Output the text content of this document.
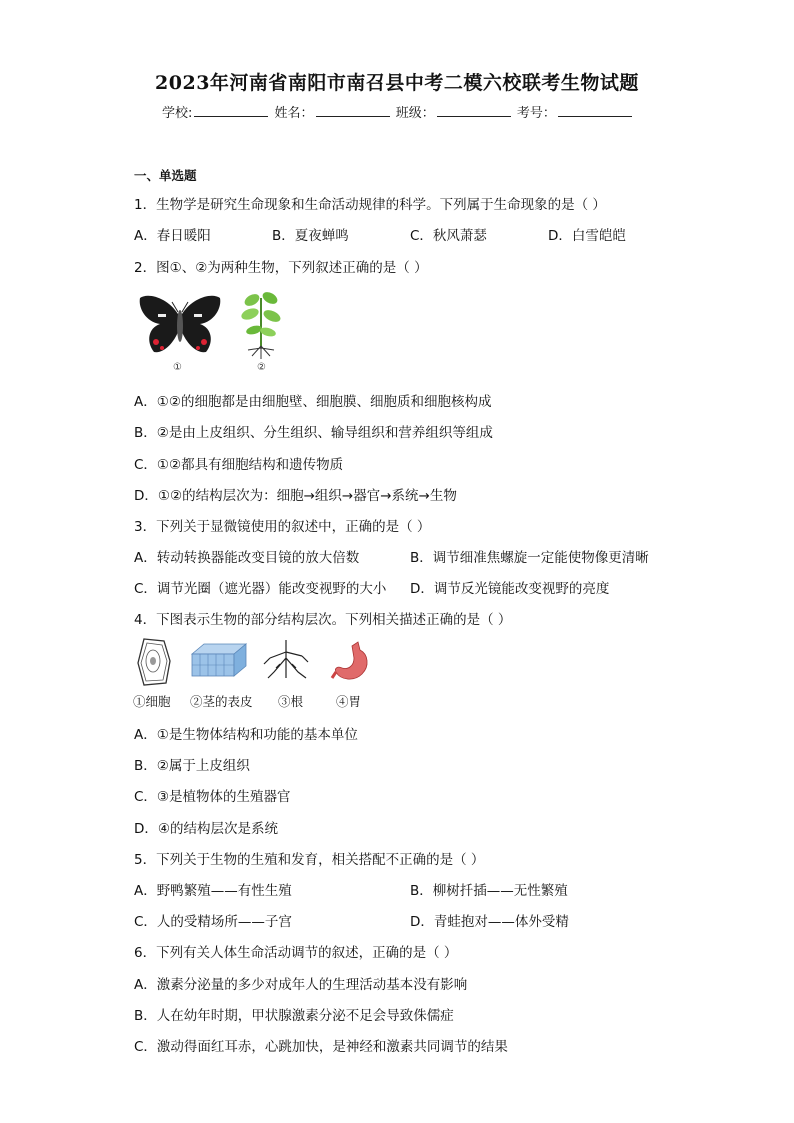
2023年河南省南阳市南召县中考二模六校联考生物试题
学校:	姓名：	班级：	考号：
一、单选题
1．生物学是研究生命现象和生命活动规律的科学。下列属于生命现象的是（ ）
A．春日暖阳	B．夏夜蝉鸣	C．秋风萧瑟	D．白雪皑皑
2．图①、②为两种生物，下列叙述正确的是（ ）
①	②
A．①②的细胞都是由细胞壁、细胞膜、细胞质和细胞核构成
B．②是由上皮组织、分生组织、输导组织和营养组织等组成
C．①②都具有细胞结构和遗传物质
D．①②的结构层次为：细胞→组织→器官→系统→生物
3．下列关于显微镜使用的叙述中，正确的是（ ）
A．转动转换器能改变目镜的放大倍数	B．调节细准焦螺旋一定能使物像更清晰
C．调节光圈（遮光器）能改变视野的大小 D．调节反光镜能改变视野的亮度
4．下图表示生物的部分结构层次。下列相关描述正确的是（ ）
①细胞 ②茎的表皮 ③根	④胃
A．①是生物体结构和功能的基本单位
B．②属于上皮组织
C．③是植物体的生殖器官
D．④的结构层次是系统
5．下列关于生物的生殖和发育，相关搭配不正确的是（ ）
A．野鸭繁殖——有性生殖	B．柳树扦插——无性繁殖
C．人的受精场所——子宫	D．青蛙抱对——体外受精
6．下列有关人体生命活动调节的叙述，正确的是（ ）
A．激素分泌量的多少对成年人的生理活动基本没有影响
B．人在幼年时期，甲状腺激素分泌不足会导致侏儒症
C．激动得面红耳赤，心跳加快，是神经和激素共同调节的结果
